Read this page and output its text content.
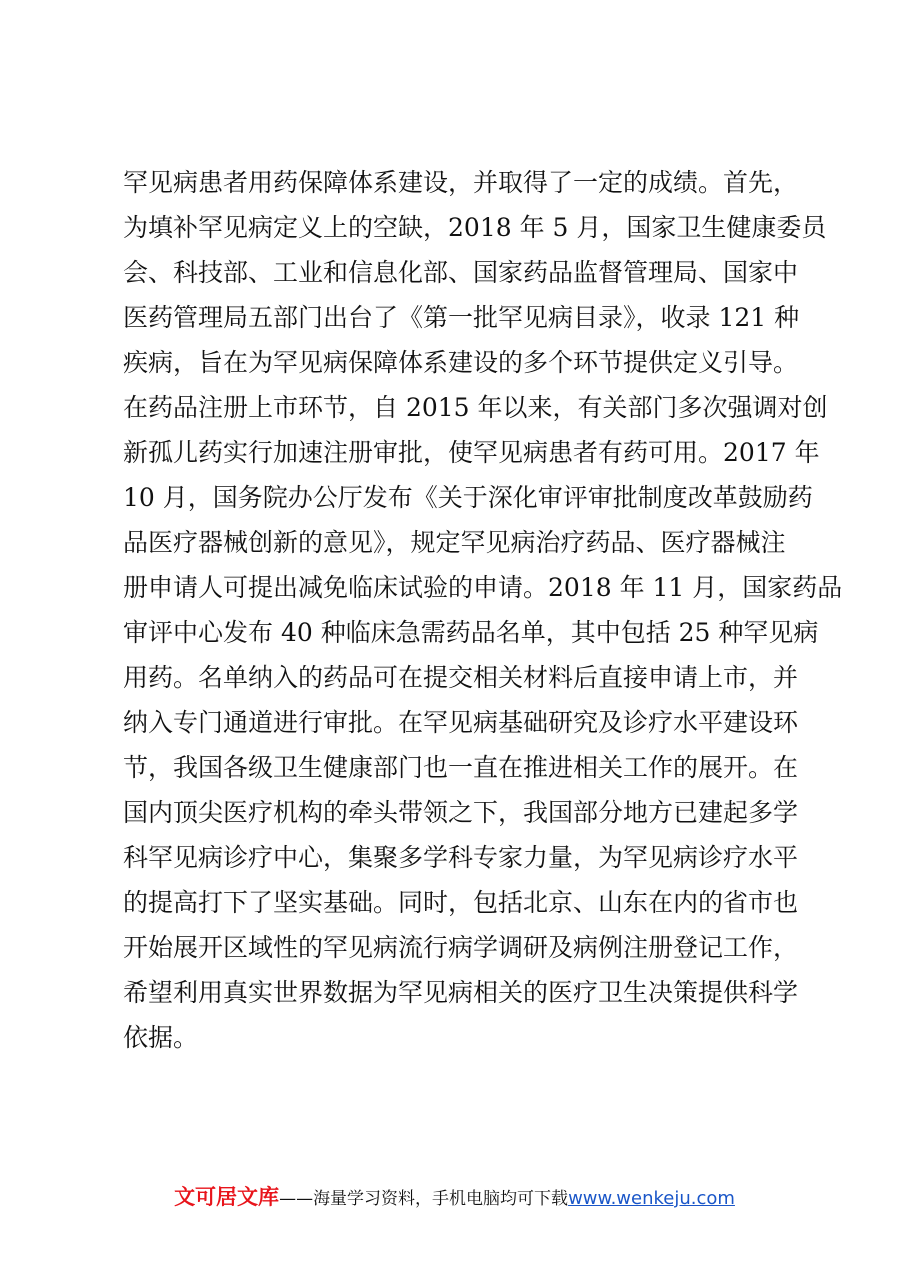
罕见病患者用药保障体系建设，并取得了一定的成绩。首先，
为填补罕见病定义上的空缺，2018 年 5 月，国家卫生健康委员
会、科技部、工业和信息化部、国家药品监督管理局、国家中
医药管理局五部门出台了《第一批罕见病目录》，收录 121 种
疾病，旨在为罕见病保障体系建设的多个环节提供定义引导。
在药品注册上市环节，自 2015 年以来，有关部门多次强调对创
新孤儿药实行加速注册审批，使罕见病患者有药可用。2017 年
10 月，国务院办公厅发布《关于深化审评审批制度改革鼓励药
品医疗器械创新的意见》，规定罕见病治疗药品、医疗器械注
册申请人可提出减免临床试验的申请。2018 年 11 月，国家药品
审评中心发布 40 种临床急需药品名单，其中包括 25 种罕见病
用药。名单纳入的药品可在提交相关材料后直接申请上市，并
纳入专门通道进行审批。在罕见病基础研究及诊疗水平建设环
节，我国各级卫生健康部门也一直在推进相关工作的展开。在
国内顶尖医疗机构的牵头带领之下，我国部分地方已建起多学
科罕见病诊疗中心，集聚多学科专家力量，为罕见病诊疗水平
的提高打下了坚实基础。同时，包括北京、山东在内的省市也
开始展开区域性的罕见病流行病学调研及病例注册登记工作，
希望利用真实世界数据为罕见病相关的医疗卫生决策提供科学
依据。
文可居文库——海量学习资料，手机电脑均可下载www.wenkeju.com
